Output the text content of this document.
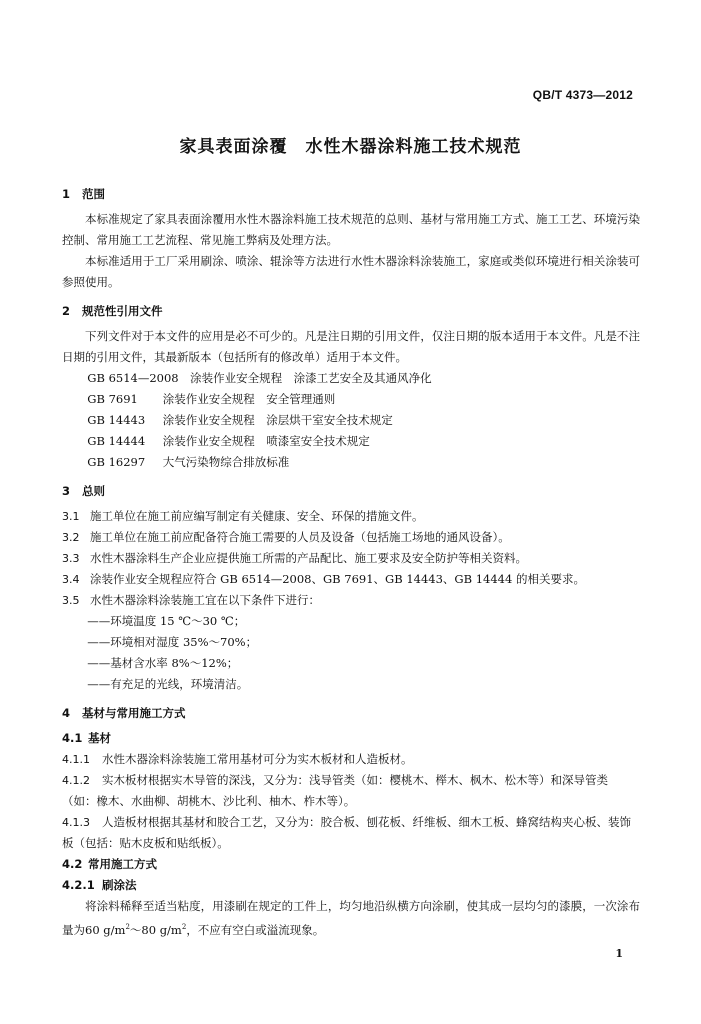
QB/T 4373—2012
家具表面涂覆 水性木器涂料施工技术规范
1 范围
本标准规定了家具表面涂覆用水性木器涂料施工技术规范的总则、基材与常用施工方式、施工工艺、环境污染控制、常用施工工艺流程、常见施工弊病及处理方法。
本标准适用于工厂采用刷涂、喷涂、辊涂等方法进行水性木器涂料涂装施工，家庭或类似环境进行相关涂装可参照使用。
2 规范性引用文件
下列文件对于本文件的应用是必不可少的。凡是注日期的引用文件，仅注日期的版本适用于本文件。凡是不注日期的引用文件，其最新版本（包括所有的修改单）适用于本文件。
GB 6514—2008　 涂装作业安全规程　涂漆工艺安全及其通风净化
GB 7691　 涂装作业安全规程　安全管理通则
GB 14443　 涂装作业安全规程　涂层烘干室安全技术规定
GB 14444　 涂装作业安全规程　喷漆室安全技术规定
GB 16297　 大气污染物综合排放标准
3 总则
3.1 施工单位在施工前应编写制定有关健康、安全、环保的措施文件。
3.2 施工单位在施工前应配备符合施工需要的人员及设备（包括施工场地的通风设备）。
3.3 水性木器涂料生产企业应提供施工所需的产品配比、施工要求及安全防护等相关资料。
3.4 涂装作业安全规程应符合 GB 6514—2008、GB 7691、GB 14443、GB 14444 的相关要求。
3.5 水性木器涂料涂装施工宜在以下条件下进行：
——环境温度 15 ℃～30 ℃；
——环境相对湿度 35%～70%；
——基材含水率 8%～12%；
——有充足的光线，环境清洁。
4 基材与常用施工方式
4.1 基材
4.1.1 水性木器涂料涂装施工常用基材可分为实木板材和人造板材。
4.1.2 实木板材根据实木导管的深浅，又分为：浅导管类（如：樱桃木、榉木、枫木、松木等）和深导管类（如：橡木、水曲柳、胡桃木、沙比利、柚木、柞木等）。
4.1.3 人造板材根据其基材和胶合工艺，又分为：胶合板、刨花板、纤维板、细木工板、蜂窝结构夹心板、装饰板（包括：贴木皮板和贴纸板）。
4.2 常用施工方式
4.2.1 刷涂法
将涂料稀释至适当粘度，用漆刷在规定的工件上，均匀地沿纵横方向涂刷，使其成一层均匀的漆膜，一次涂布量为60 $g/m^2\sim 80$ $g/m^2$，不应有空白或溢流现象。
1
